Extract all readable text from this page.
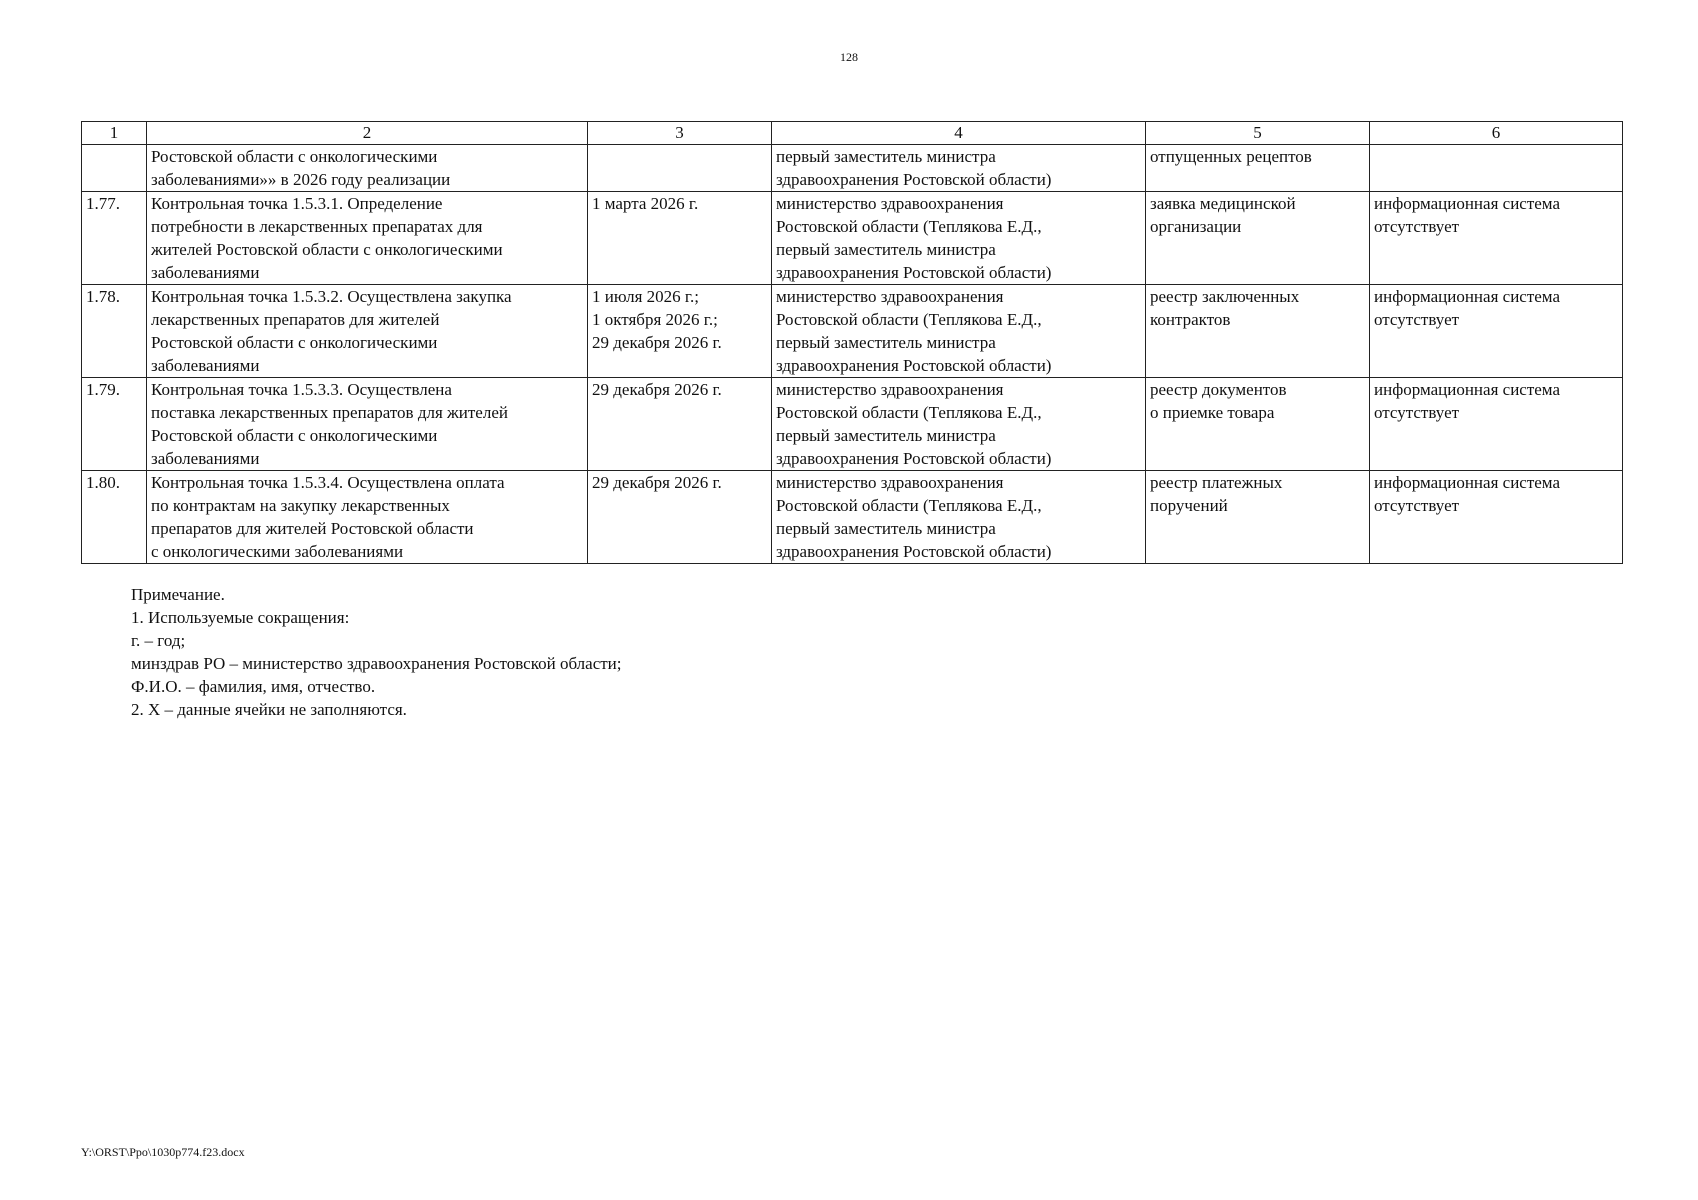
128
1	2	3	4	5	6

	Ростовской области с онкологическими
заболеваниями»» в 2026 году реализации		первый заместитель министра
здравоохранения Ростовской области)	отпущенных рецептов	

1.77.	Контрольная точка 1.5.3.1. Определение
потребности в лекарственных препаратах для
жителей Ростовской области с онкологическими
заболеваниями	1 марта 2026 г.	министерство здравоохранения
Ростовской области (Теплякова Е.Д.,
первый заместитель министра
здравоохранения Ростовской области)	заявка медицинской
организации	информационная система
отсутствует

1.78.	Контрольная точка 1.5.3.2. Осуществлена закупка
лекарственных препаратов для жителей
Ростовской области с онкологическими
заболеваниями	1 июля 2026 г.;
1 октября 2026 г.;
29 декабря 2026 г.	министерство здравоохранения
Ростовской области (Теплякова Е.Д.,
первый заместитель министра
здравоохранения Ростовской области)	реестр заключенных
контрактов	информационная система
отсутствует

1.79.	Контрольная точка 1.5.3.3. Осуществлена
поставка лекарственных препаратов для жителей
Ростовской области с онкологическими
заболеваниями	29 декабря 2026 г.	министерство здравоохранения
Ростовской области (Теплякова Е.Д.,
первый заместитель министра
здравоохранения Ростовской области)	реестр документов
о приемке товара	информационная система
отсутствует

1.80.	Контрольная точка 1.5.3.4. Осуществлена оплата
по контрактам на закупку лекарственных
препаратов для жителей Ростовской области
с онкологическими заболеваниями	29 декабря 2026 г.	министерство здравоохранения
Ростовской области (Теплякова Е.Д.,
первый заместитель министра
здравоохранения Ростовской области)	реестр платежных
поручений	информационная система
отсутствует
Примечание.
1. Используемые сокращения:
г. – год;
минздрав РО – министерство здравоохранения Ростовской области;
Ф.И.О. – фамилия, имя, отчество.
2. Х – данные ячейки не заполняются.
Y:\ORST\Ppo\1030p774.f23.docx
